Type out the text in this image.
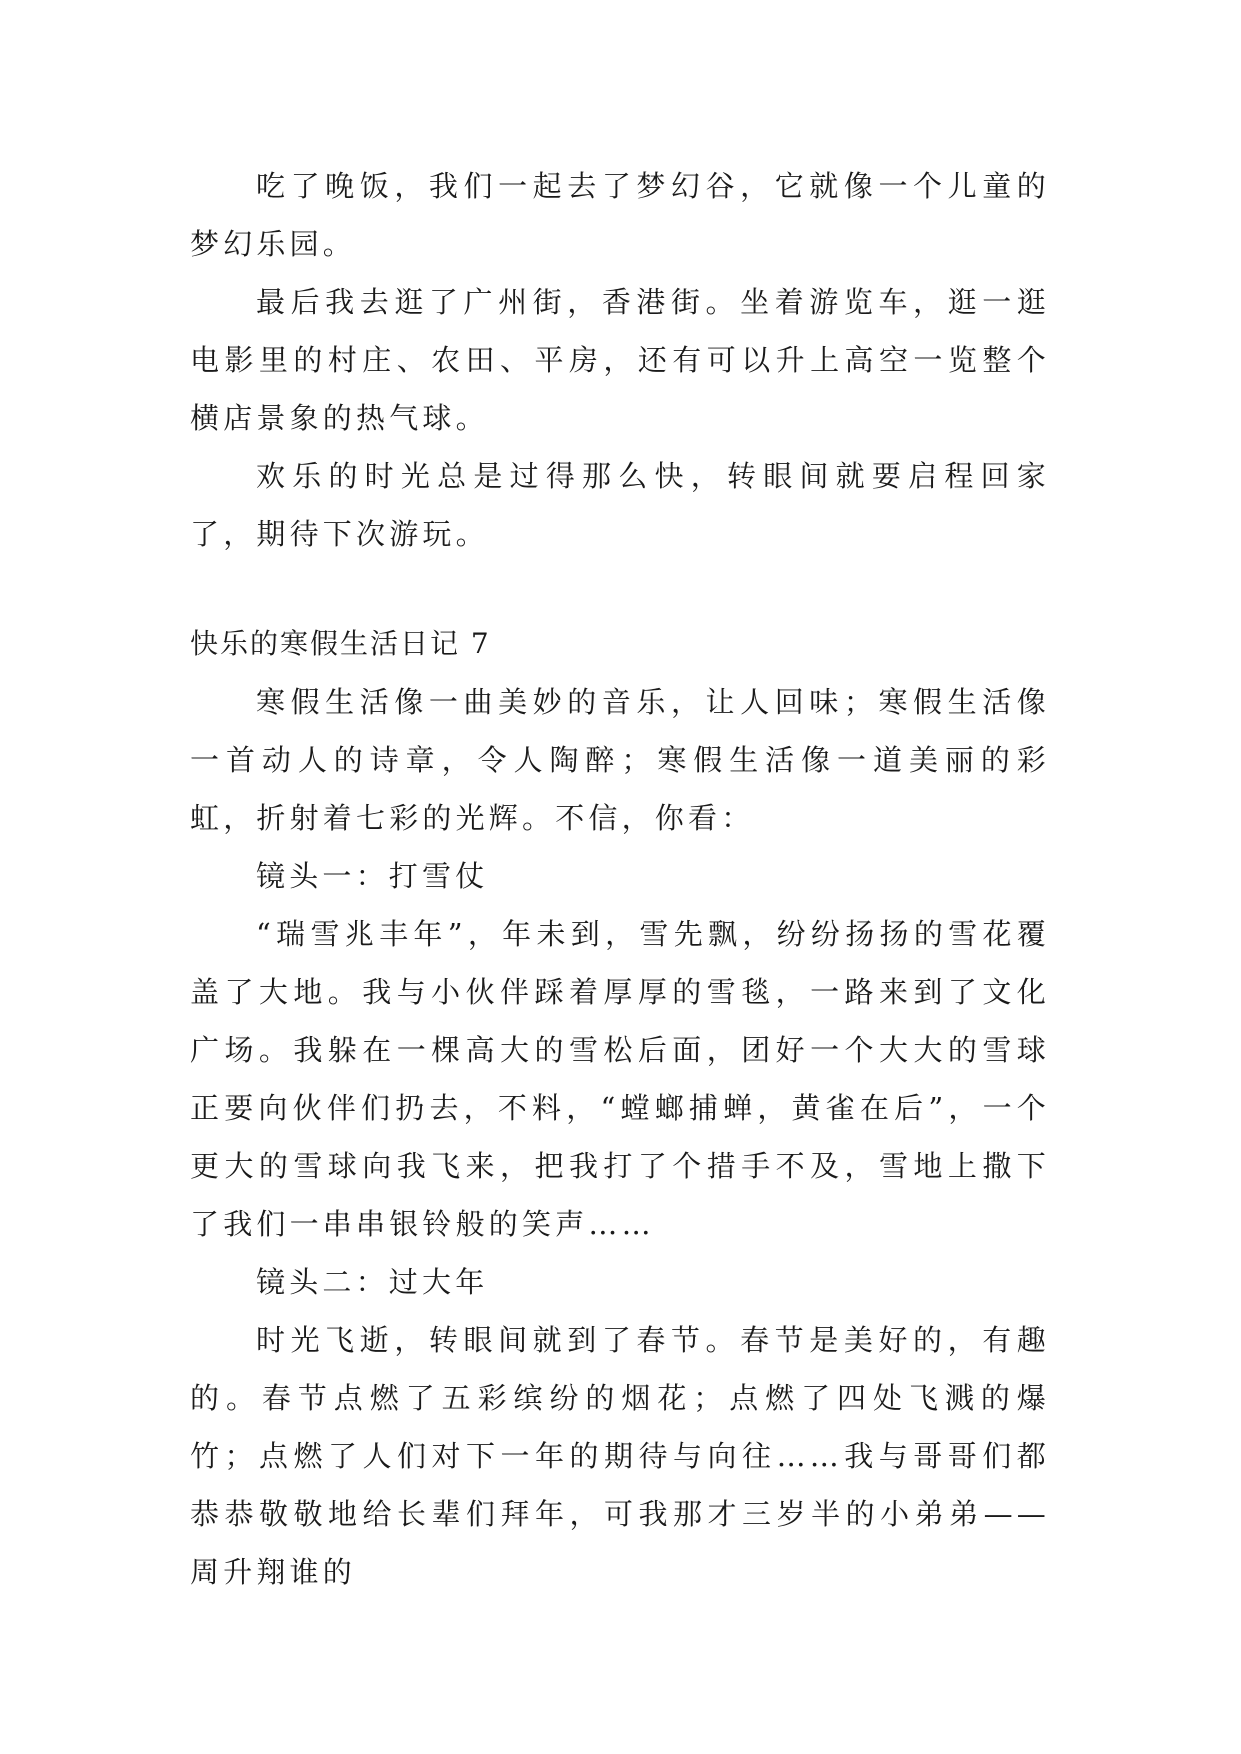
吃了晚饭，我们一起去了梦幻谷，它就像一个儿童的梦幻乐园。

最后我去逛了广州街，香港街。坐着游览车，逛一逛电影里的村庄、农田、平房，还有可以升上高空一览整个横店景象的热气球。

欢乐的时光总是过得那么快，转眼间就要启程回家了，期待下次游玩。

快乐的寒假生活日记 7

寒假生活像一曲美妙的音乐，让人回味；寒假生活像一首动人的诗章，令人陶醉；寒假生活像一道美丽的彩虹，折射着七彩的光辉。不信，你看：

镜头一：打雪仗

“瑞雪兆丰年”，年未到，雪先飘，纷纷扬扬的雪花覆盖了大地。我与小伙伴踩着厚厚的雪毯，一路来到了文化广场。我躲在一棵高大的雪松后面，团好一个大大的雪球正要向伙伴们扔去，不料，“螳螂捕蝉，黄雀在后”，一个更大的雪球向我飞来，把我打了个措手不及，雪地上撒下了我们一串串银铃般的笑声……

镜头二：过大年

时光飞逝，转眼间就到了春节。春节是美好的，有趣的。春节点燃了五彩缤纷的烟花；点燃了四处飞溅的爆竹；点燃了人们对下一年的期待与向往……我与哥哥们都恭恭敬敬地给长辈们拜年，可我那才三岁半的小弟弟——周升翔谁的
